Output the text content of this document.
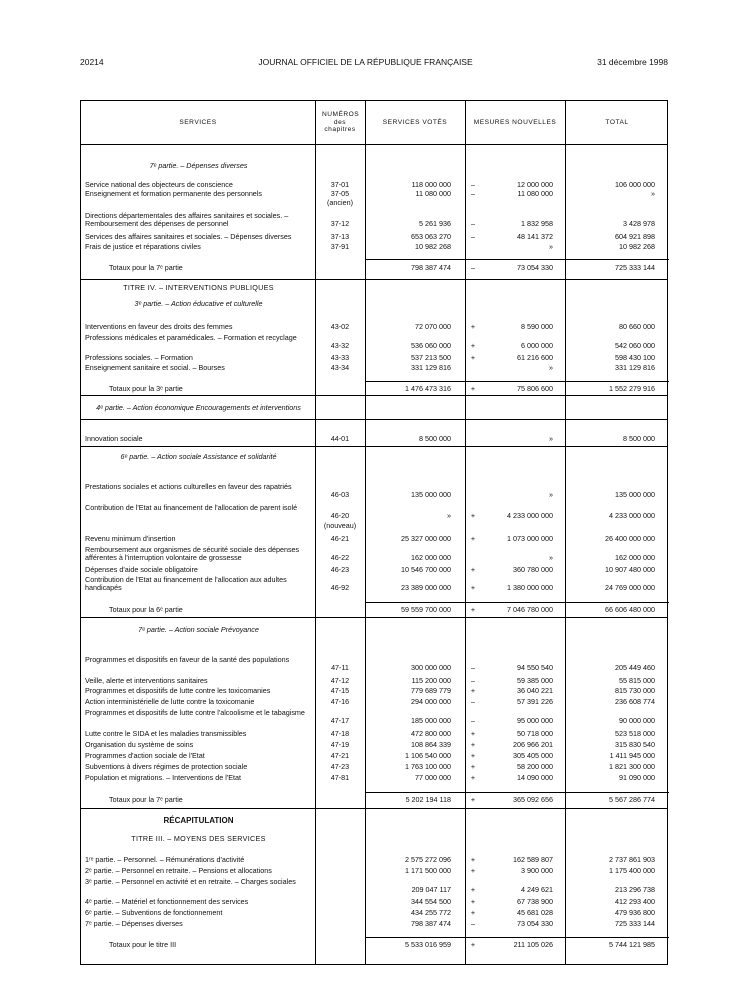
20214	JOURNAL OFFICIEL DE LA RÉPUBLIQUE FRANÇAISE	31 décembre 1998
SERVICES
NUMÉROS des chapitres
SERVICES VOTÉS	MESURES NOUVELLES	TOTAL
7ᵉ partie. – Dépenses diverses
Service national des objecteurs de conscience	37-01	118 000 000	–	12 000 000	106 000 000
Enseignement et formation permanente des personnels	37-05	11 080 000	–	11 080 000	»
(ancien)
Directions départementales des affaires sanitaires et sociales. – Remboursement des dépenses de personnel	37-12	5 261 936	–	1 832 958	3 428 978
Services des affaires sanitaires et sociales. – Dépenses diverses	37-13	653 063 270	–	48 141 372	604 921 898
Frais de justice et réparations civiles	37-91	10 982 268	»	10 982 268
Totaux pour la 7ᵉ partie	798 387 474	–	73 054 330	725 333 144
TITRE IV. – INTERVENTIONS PUBLIQUES
3ᵉ partie. – Action éducative et culturelle
Interventions en faveur des droits des femmes	43-02	72 070 000	+	8 590 000	80 660 000
Professions médicales et paramédicales. – Formation et recyclage
43-32	536 060 000	+	6 000 000	542 060 000
Professions sociales. – Formation	43-33	537 213 500	+	61 216 600	598 430 100
Enseignement sanitaire et social. – Bourses	43-34	331 129 816	»	331 129 816
Totaux pour la 3ᵉ partie	1 476 473 316	+	75 806 600	1 552 279 916
4ᵉ partie. – Action économique Encouragements et interventions
Innovation sociale	44-01	8 500 000	»	8 500 000
6ᵉ partie. – Action sociale Assistance et solidarité
Prestations sociales et actions culturelles en faveur des rapatriés
46-03	135 000 000	»	135 000 000
Contribution de l'Etat au financement de l'allocation de parent isolé
46-20	»	+	4 233 000 000	4 233 000 000
(nouveau)
Revenu minimum d'insertion	46-21	25 327 000 000	+	1 073 000 000	26 400 000 000
Remboursement aux organismes de sécurité sociale des dépenses afférentes à l'interruption volontaire de grossesse	46-22	162 000 000	»	162 000 000
Dépenses d'aide sociale obligatoire	46-23	10 546 700 000	+	360 780 000	10 907 480 000
Contribution de l'Etat au financement de l'allocation aux adultes handicapés	46-92	23 389 000 000	+	1 380 000 000	24 769 000 000
Totaux pour la 6ᵉ partie	59 559 700 000	+	7 046 780 000	66 606 480 000
7ᵉ partie. – Action sociale Prévoyance
Programmes et dispositifs en faveur de la santé des populations
47-11	300 000 000	–	94 550 540	205 449 460
Veille, alerte et interventions sanitaires	47-12	115 200 000	–	59 385 000	55 815 000
Programmes et dispositifs de lutte contre les toxicomanies	47-15	779 689 779	+	36 040 221	815 730 000
Action interministérielle de lutte contre la toxicomanie	47-16	294 000 000	–	57 391 226	236 608 774
Programmes et dispositifs de lutte contre l'alcoolisme et le tabagisme
47-17	185 000 000	–	95 000 000	90 000 000
Lutte contre le SIDA et les maladies transmissibles	47-18	472 800 000	+	50 718 000	523 518 000
Organisation du système de soins	47-19	108 864 339	+	206 966 201	315 830 540
Programmes d'action sociale de l'Etat	47-21	1 106 540 000	+	305 405 000	1 411 945 000
Subventions à divers régimes de protection sociale	47-23	1 763 100 000	+	58 200 000	1 821 300 000
Population et migrations. – Interventions de l'Etat	47-81	77 000 000	+	14 090 000	91 090 000
Totaux pour la 7ᵉ partie	5 202 194 118	+	365 092 656	5 567 286 774
RÉCAPITULATION
TITRE III. – MOYENS DES SERVICES
1ʳᵉ partie. – Personnel. – Rémunérations d'activité	2 575 272 096	+	162 589 807	2 737 861 903
2ᵉ partie. – Personnel en retraite. – Pensions et allocations	1 171 500 000	+	3 900 000	1 175 400 000
3ᵉ partie. – Personnel en activité et en retraite. – Charges sociales
209 047 117	+	4 249 621	213 296 738
4ᵉ partie. – Matériel et fonctionnement des services	344 554 500	+	67 738 900	412 293 400
6ᵉ partie. – Subventions de fonctionnement	434 255 772	+	45 681 028	479 936 800
7ᵉ partie. – Dépenses diverses	798 387 474	–	73 054 330	725 333 144
Totaux pour le titre III	5 533 016 959	+	211 105 026	5 744 121 985
